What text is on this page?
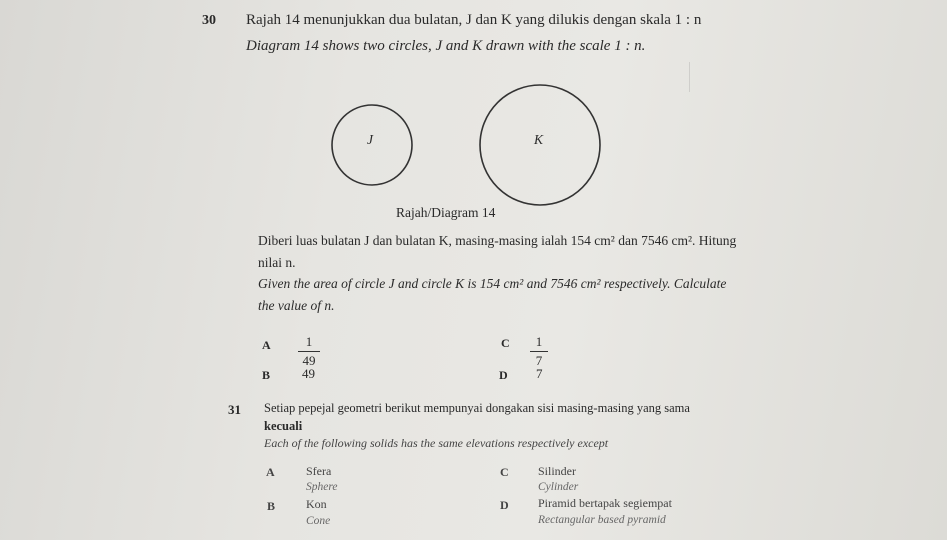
30 Rajah 14 menunjukkan dua bulatan, J dan K yang dilukis dengan skala 1 : n
Diagram 14 shows two circles, J and K drawn with the scale 1 : n.
J	K
Rajah/Diagram 14
Diberi luas bulatan J dan bulatan K, masing-masing ialah 154 cm² dan 7546 cm². Hitung
nilai n.
Given the area of circle J and circle K is 154 cm² and 7546 cm² respectively. Calculate
the value of n.
A	1
49
B 49
C	1
7
D 7
31 Setiap pepejal geometri berikut mempunyai dongakan sisi masing-masing yang sama
kecuali
Each of the following solids has the same elevations respectively except
A	Sfera
Sphere
B	Kon
Cone
C Silinder
Cylinder
D Piramid bertapak segiempat
Rectangular based pyramid
